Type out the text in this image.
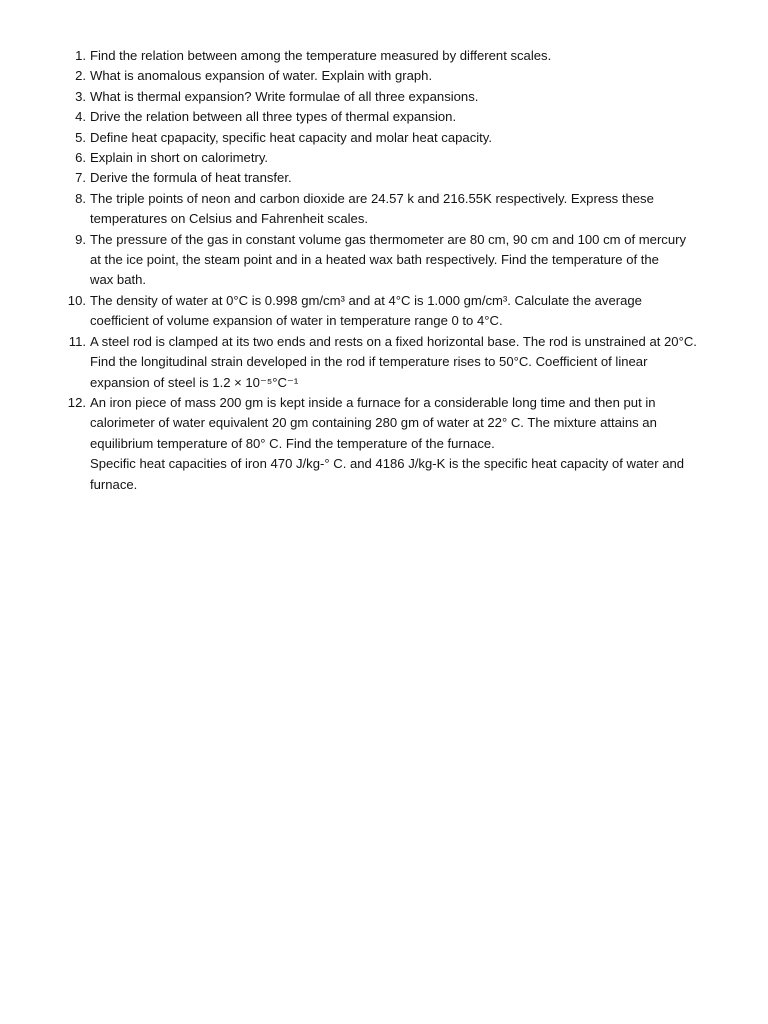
1. Find the relation between among the temperature measured by different scales.
2. What is anomalous expansion of water. Explain with graph.
3. What is thermal expansion? Write formulae of all three expansions.
4. Drive the relation between all three types of thermal expansion.
5. Define heat cpapacity, specific heat capacity and molar heat capacity.
6. Explain in short on calorimetry.
7. Derive the formula of heat transfer.
8. The triple points of neon and carbon dioxide are 24.57 k and 216.55K respectively. Express these
temperatures on Celsius and Fahrenheit scales.
9. The pressure of the gas in constant volume gas thermometer are 80 cm, 90 cm and 100 cm of mercury
at the ice point, the steam point and in a heated wax bath respectively. Find the temperature of the
wax bath.
10. The density of water at 0°C is 0.998 gm/cm³ and at 4°C is 1.000 gm/cm³. Calculate the average
coefficient of volume expansion of water in temperature range 0 to 4°C.
11. A steel rod is clamped at its two ends and rests on a fixed horizontal base. The rod is unstrained at 20°C.
Find the longitudinal strain developed in the rod if temperature rises to 50°C. Coefficient of linear
expansion of steel is 1.2 × 10⁻⁵°C⁻¹
12. An iron piece of mass 200 gm is kept inside a furnace for a considerable long time and then put in
calorimeter of water equivalent 20 gm containing 280 gm of water at 22° C. The mixture attains an
equilibrium temperature of 80° C. Find the temperature of the furnace.
Specific heat capacities of iron 470 J/kg-° C. and 4186 J/kg-K is the specific heat capacity of water and
furnace.
